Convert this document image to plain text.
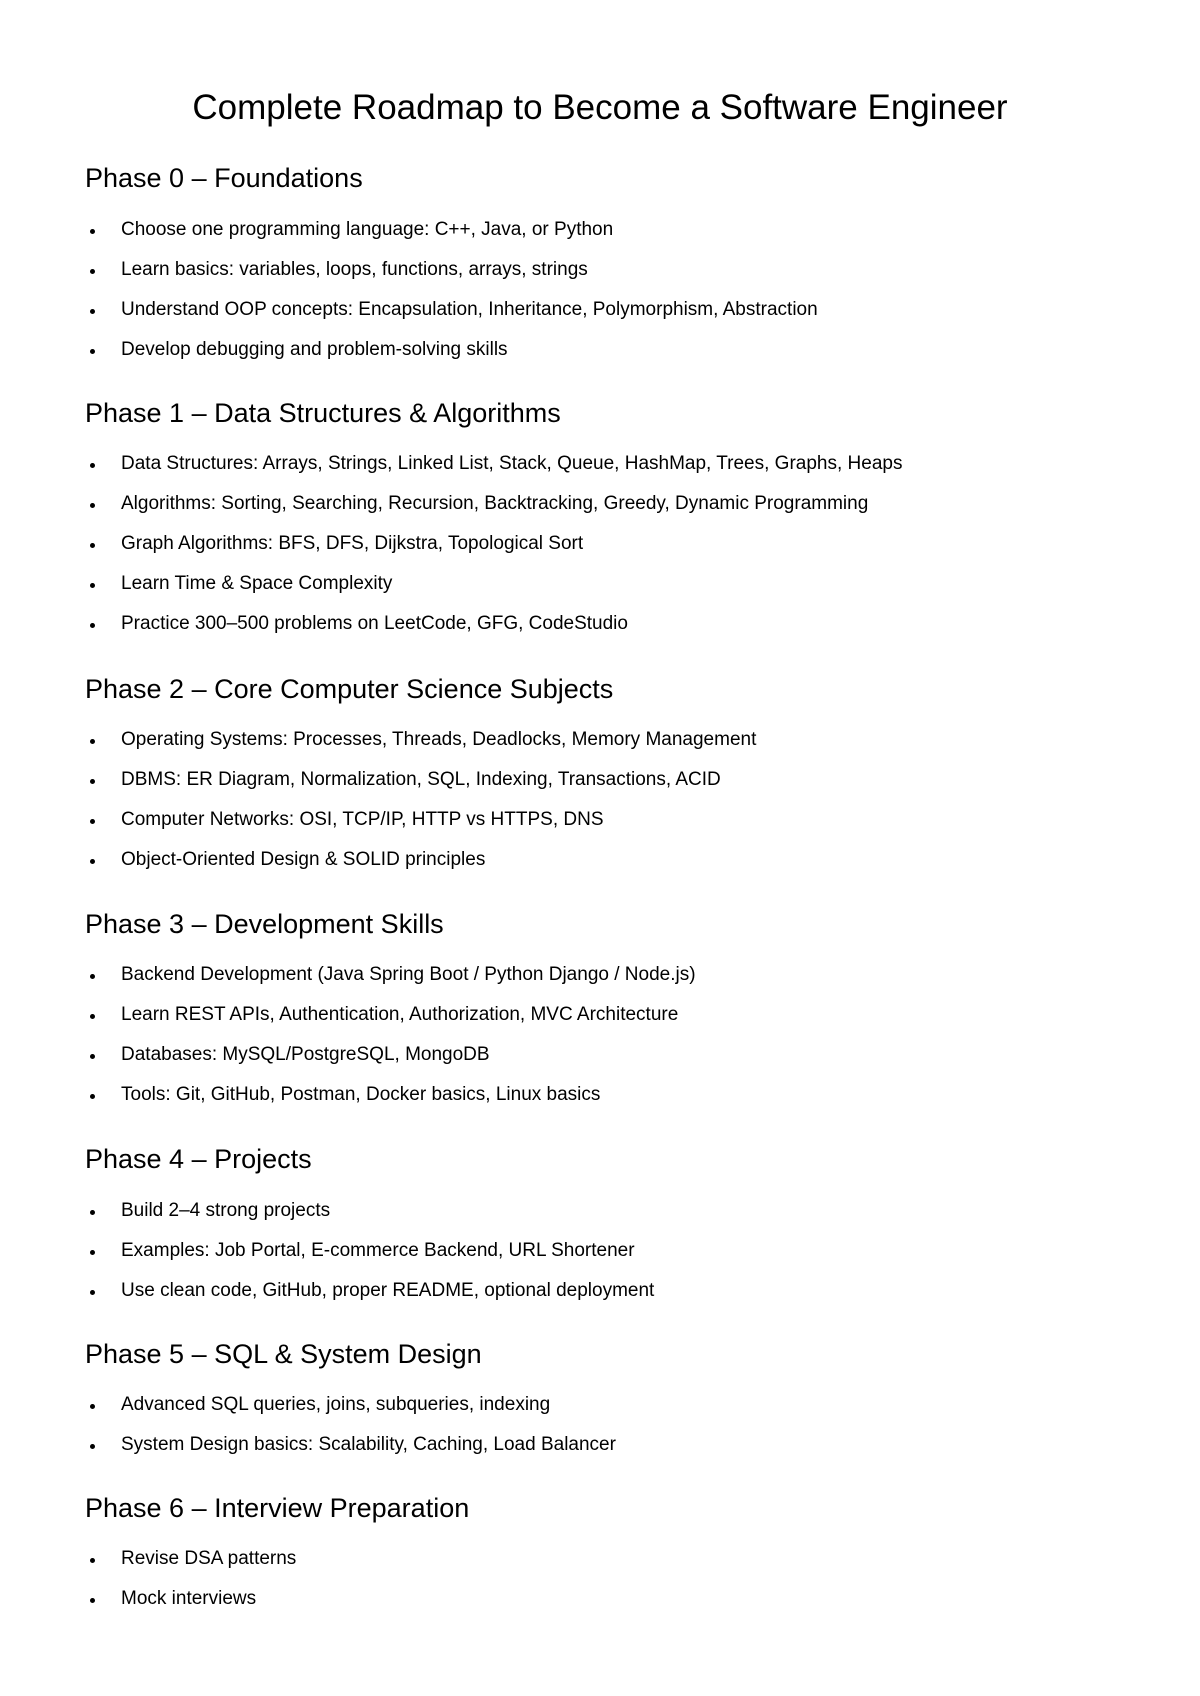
Complete Roadmap to Become a Software Engineer
Phase 0 – Foundations
Choose one programming language: C++, Java, or Python
Learn basics: variables, loops, functions, arrays, strings
Understand OOP concepts: Encapsulation, Inheritance, Polymorphism, Abstraction
Develop debugging and problem-solving skills
Phase 1 – Data Structures & Algorithms
Data Structures: Arrays, Strings, Linked List, Stack, Queue, HashMap, Trees, Graphs, Heaps
Algorithms: Sorting, Searching, Recursion, Backtracking, Greedy, Dynamic Programming
Graph Algorithms: BFS, DFS, Dijkstra, Topological Sort
Learn Time & Space Complexity
Practice 300–500 problems on LeetCode, GFG, CodeStudio
Phase 2 – Core Computer Science Subjects
Operating Systems: Processes, Threads, Deadlocks, Memory Management
DBMS: ER Diagram, Normalization, SQL, Indexing, Transactions, ACID
Computer Networks: OSI, TCP/IP, HTTP vs HTTPS, DNS
Object-Oriented Design & SOLID principles
Phase 3 – Development Skills
Backend Development (Java Spring Boot / Python Django / Node.js)
Learn REST APIs, Authentication, Authorization, MVC Architecture
Databases: MySQL/PostgreSQL, MongoDB
Tools: Git, GitHub, Postman, Docker basics, Linux basics
Phase 4 – Projects
Build 2–4 strong projects
Examples: Job Portal, E-commerce Backend, URL Shortener
Use clean code, GitHub, proper README, optional deployment
Phase 5 – SQL & System Design
Advanced SQL queries, joins, subqueries, indexing
System Design basics: Scalability, Caching, Load Balancer
Phase 6 – Interview Preparation
Revise DSA patterns
Mock interviews
